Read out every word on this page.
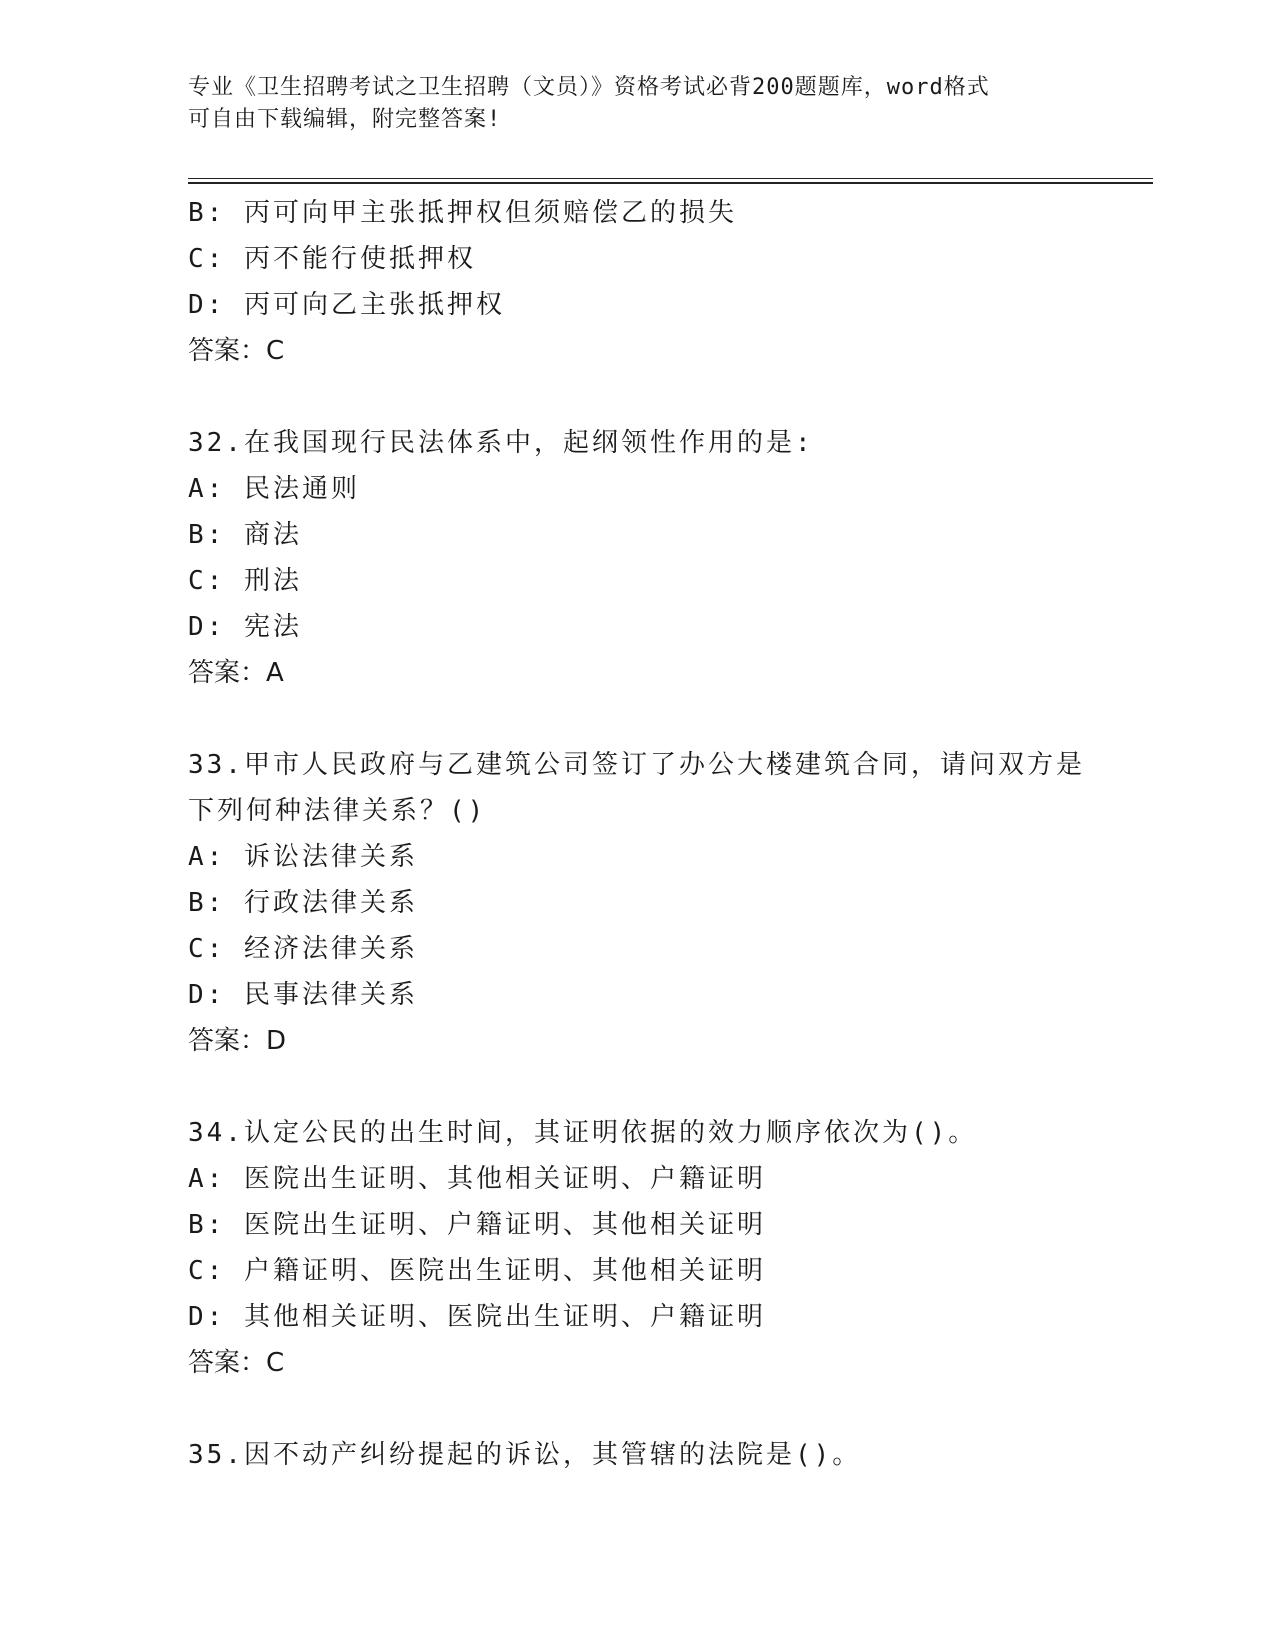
专业《卫生招聘考试之卫生招聘（文员）》资格考试必背200题题库，word格式
可自由下载编辑，附完整答案!
B: 丙可向甲主张抵押权但须赔偿乙的损失
C: 丙不能行使抵押权
D: 丙可向乙主张抵押权
答案：C
32.在我国现行民法体系中，起纲领性作用的是:
A: 民法通则
B: 商法
C: 刑法
D: 宪法
答案：A
33.甲市人民政府与乙建筑公司签订了办公大楼建筑合同，请问双方是
下列何种法律关系？()
A: 诉讼法律关系
B: 行政法律关系
C: 经济法律关系
D: 民事法律关系
答案：D
34.认定公民的出生时间，其证明依据的效力顺序依次为()。
A: 医院出生证明、其他相关证明、户籍证明
B: 医院出生证明、户籍证明、其他相关证明
C: 户籍证明、医院出生证明、其他相关证明
D: 其他相关证明、医院出生证明、户籍证明
答案：C
35.因不动产纠纷提起的诉讼，其管辖的法院是()。
